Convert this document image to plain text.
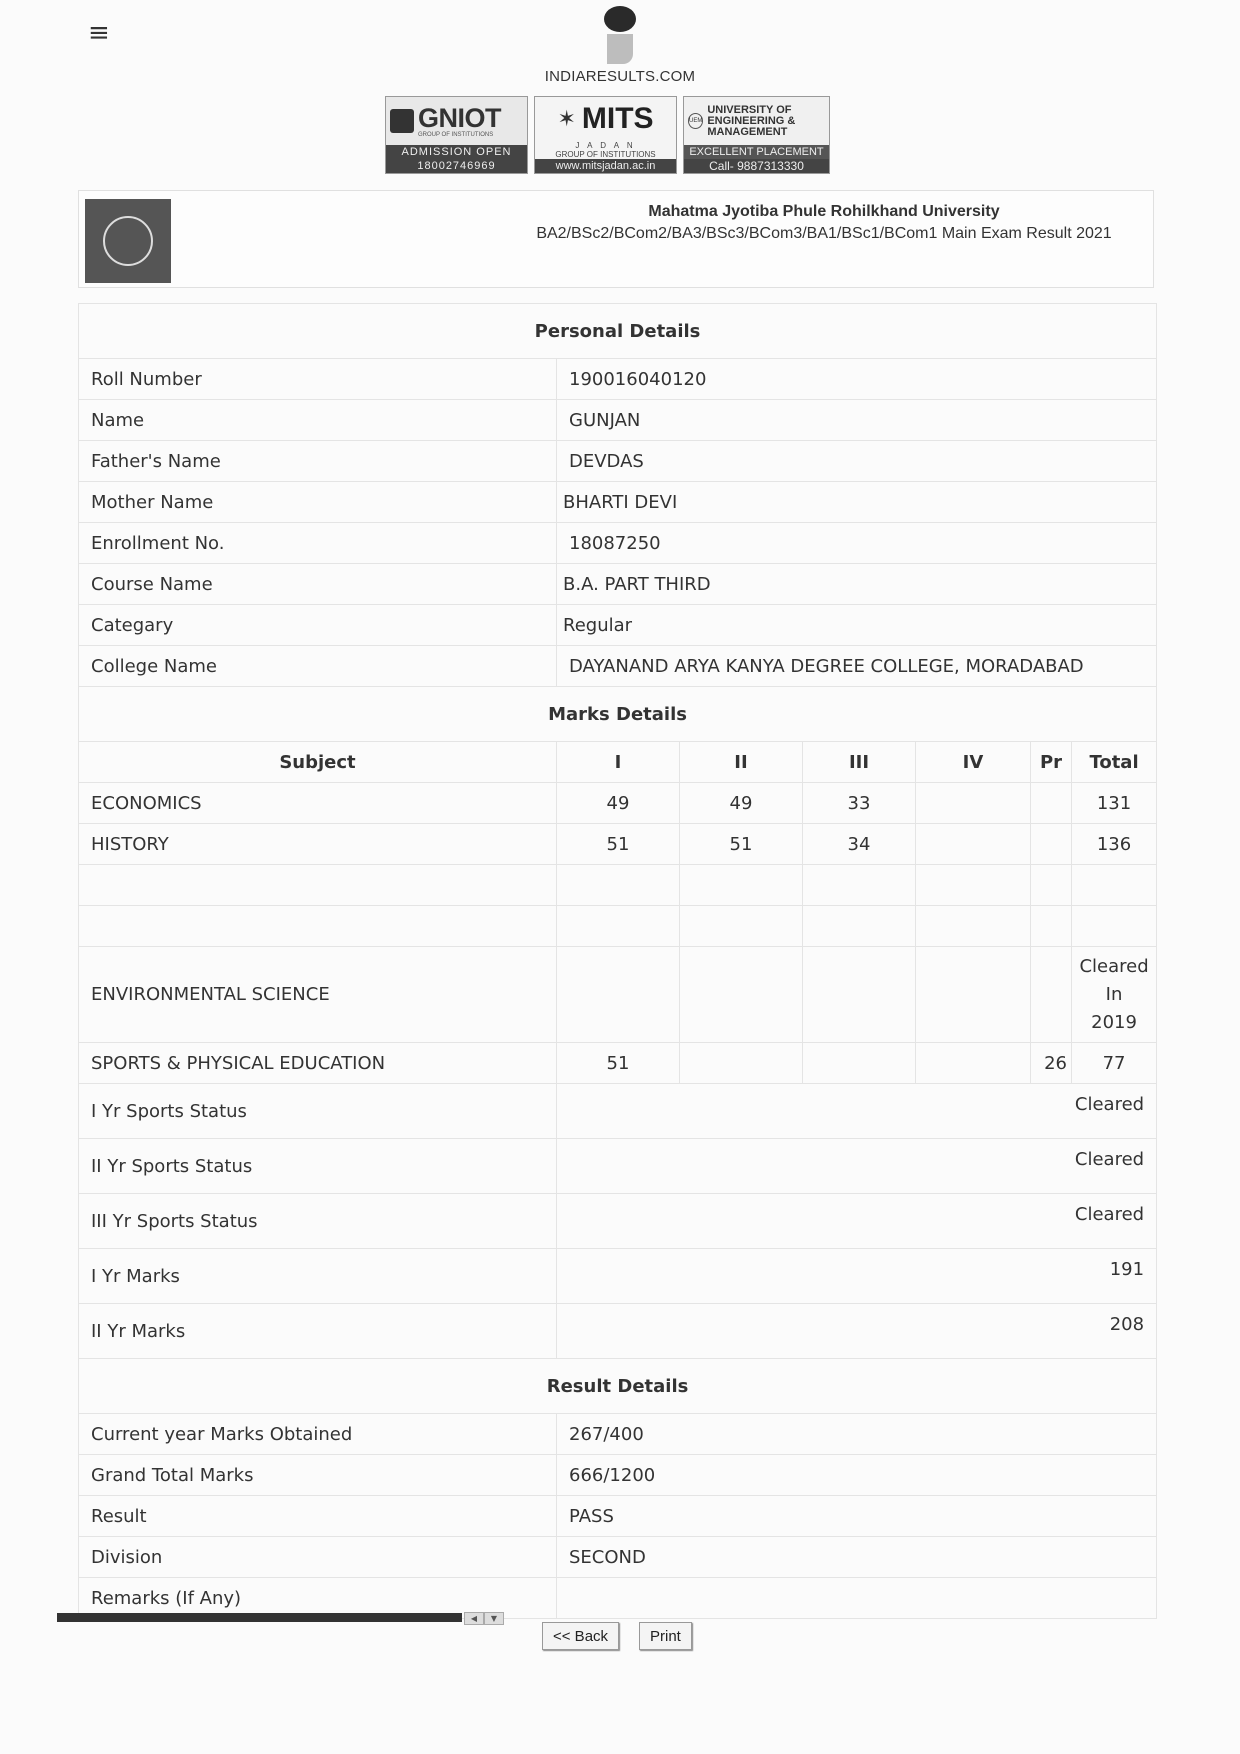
≡
INDIARESULTS.COM
GNIOT
GROUP OF INSTITUTIONS
ADMISSION OPEN
18002746969
✶ MITS
J A D A N
GROUP OF INSTITUTIONS
www.mitsjadan.ac.in
UEM
UNIVERSITY OF ENGINEERING & MANAGEMENT
EXCELLENT PLACEMENT
Call- 9887313330
Mahatma Jyotiba Phule Rohilkhand University
BA2/BSc2/BCom2/BA3/BSc3/BCom3/BA1/BSc1/BCom1 Main Exam Result 2021
Personal Details						
Roll Number	190016040120					
Name	GUNJAN					
Father's Name	DEVDAS					
Mother Name	BHARTI DEVI					
Enrollment No.	18087250					
Course Name	B.A. PART THIRD					
Categary	Regular					
College Name	DAYANAND ARYA KANYA DEGREE COLLEGE, MORADABAD					
Marks Details						
Subject	I	II	III	IV	Pr	Total
ECONOMICS	49	49	33			131
HISTORY	51	51	34			136

ENVIRONMENTAL SCIENCE						Cleared
In
2019

SPORTS & PHYSICAL EDUCATION	51				26	77
I Yr Sports Status	Cleared					
II Yr Sports Status	Cleared					
III Yr Sports Status	Cleared					
I Yr Marks	191					
II Yr Marks	208					
Result Details						
Current year Marks Obtained	267/400					
Grand Total Marks	666/1200					
Result	PASS					
Division	SECOND					
Remarks (If Any)						
◀	▼
<< Back	Print
